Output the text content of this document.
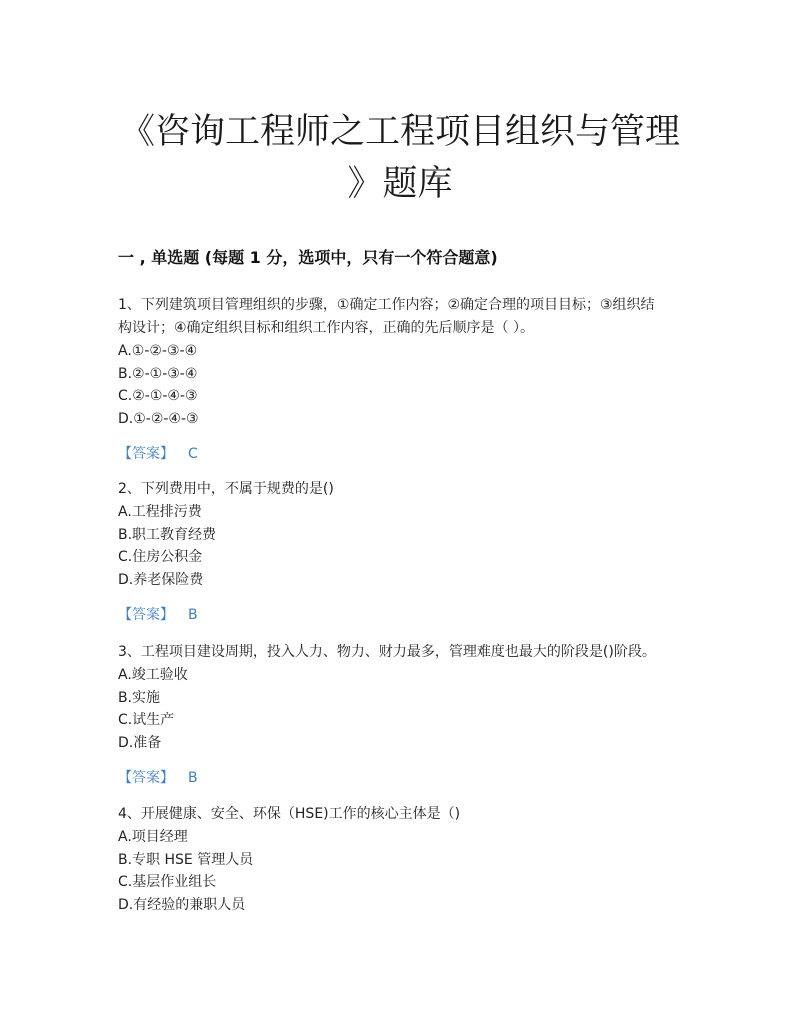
《咨询工程师之工程项目组织与管理
》题库
一 , 单选题 (每题 1 分，选项中，只有一个符合题意)

1、下列建筑项目管理组织的步骤，①确定工作内容；②确定合理的项目目标；③组织结
构设计；④确定组织目标和组织工作内容，正确的先后顺序是（ ）。

A.①-②-③-④

B.②-①-③-④

C.②-①-④-③

D.①-②-④-③

【答案】 C

2、下列费用中，不属于规费的是()

A.工程排污费

B.职工教育经费

C.住房公积金

D.养老保险费

【答案】 B

3、工程项目建设周期，投入人力、物力、财力最多，管理难度也最大的阶段是()阶段。

A.竣工验收

B.实施

C.试生产

D.准备

【答案】 B

4、开展健康、安全、环保（HSE)工作的核心主体是（)

A.项目经理

B.专职 HSE 管理人员

C.基层作业组长

D.有经验的兼职人员
